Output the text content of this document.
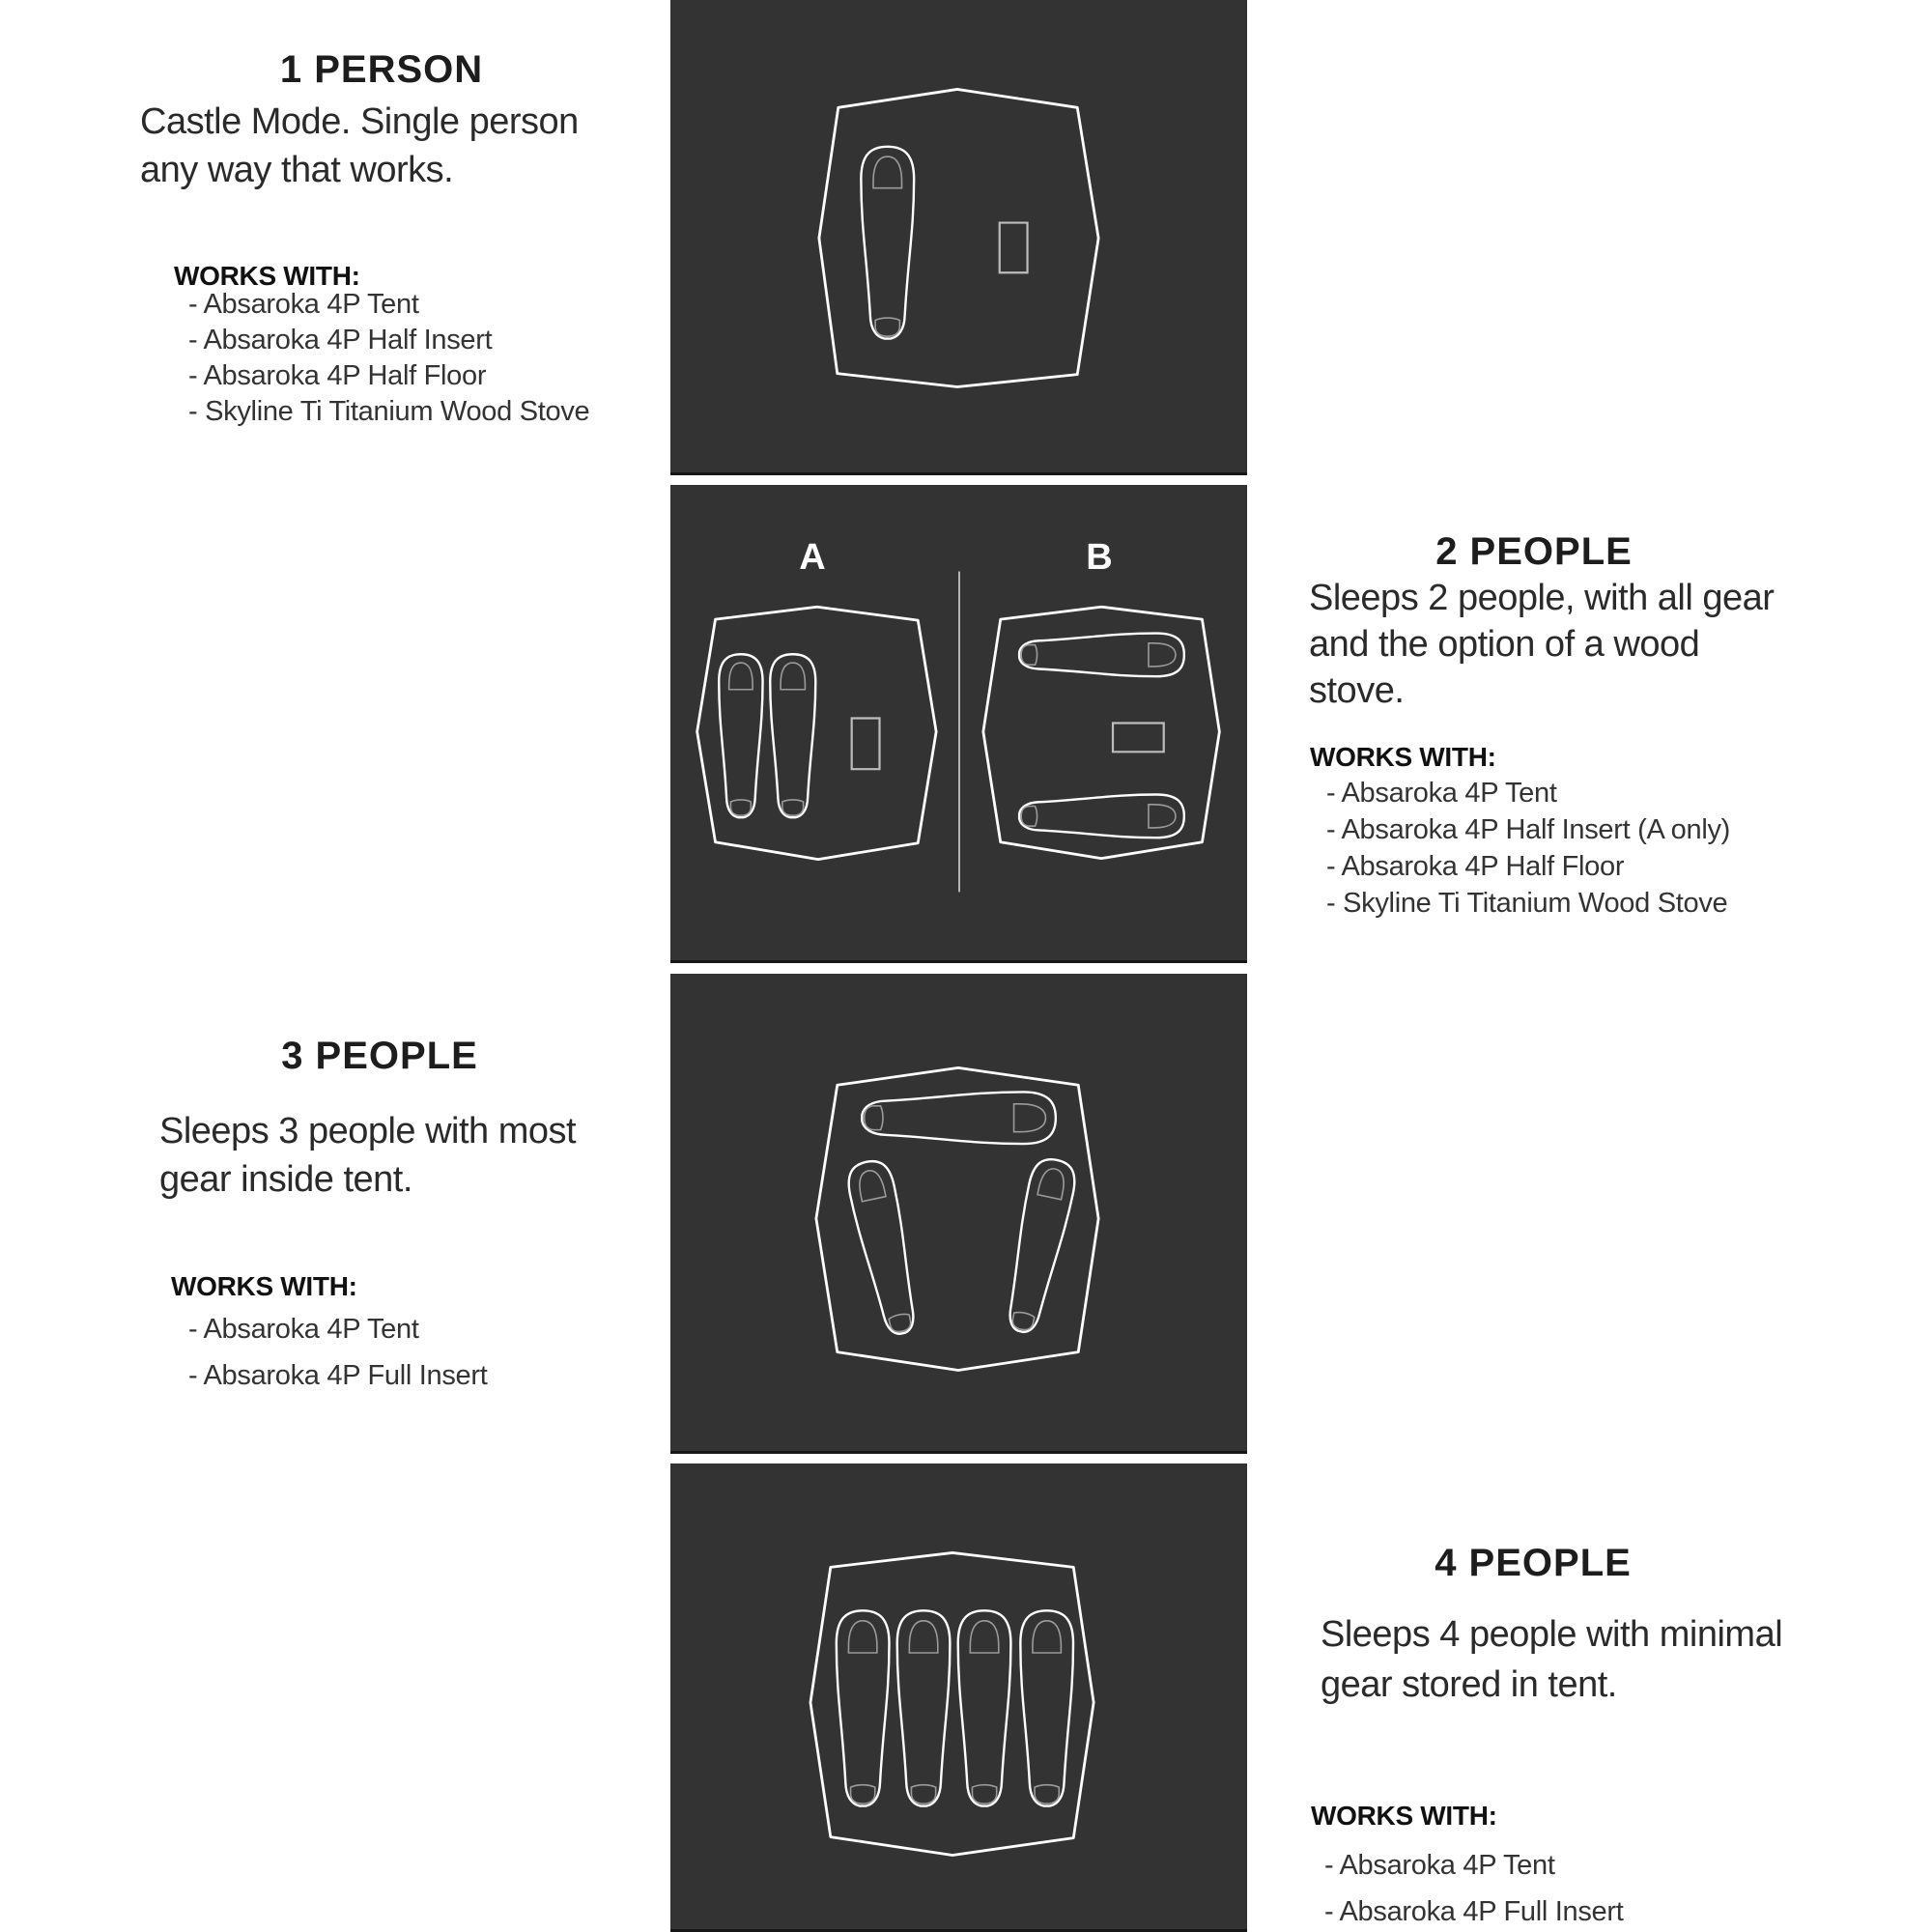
1 PERSON
Castle Mode. Single person
any way that works.
WORKS WITH:
- Absaroka 4P Tent
- Absaroka 4P Half Insert
- Absaroka 4P Half Floor
- Skyline Ti Titanium Wood Stove
2 PEOPLE
Sleeps 2 people, with all gear
and the option of a wood
stove.
WORKS WITH:
- Absaroka 4P Tent
- Absaroka 4P Half Insert (A only)
- Absaroka 4P Half Floor
- Skyline Ti Titanium Wood Stove
3 PEOPLE
Sleeps 3 people with most
gear inside tent.
WORKS WITH:
- Absaroka 4P Tent
- Absaroka 4P Full Insert
4 PEOPLE
Sleeps 4 people with minimal
gear stored in tent.
WORKS WITH:
- Absaroka 4P Tent
- Absaroka 4P Full Insert
A	B
